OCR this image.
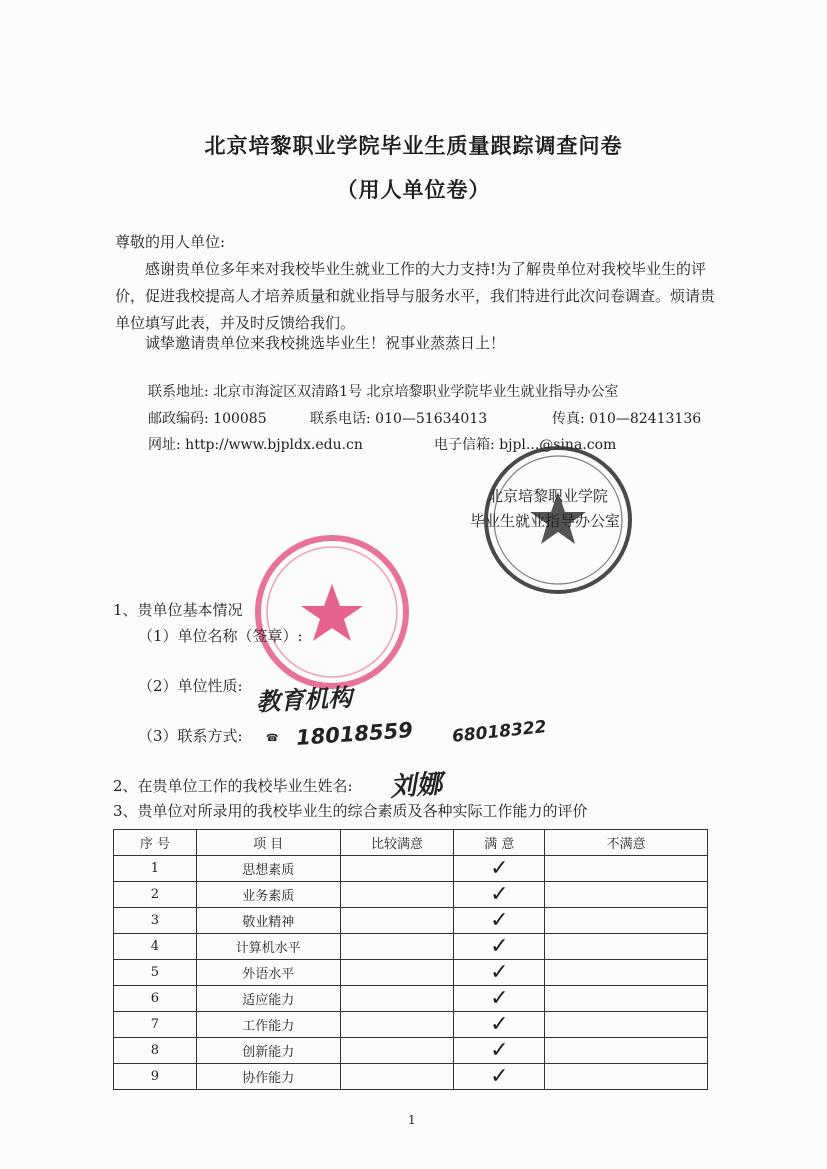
北京培黎职业学院毕业生质量跟踪调查问卷
（用人单位卷）
尊敬的用人单位:
感谢贵单位多年来对我校毕业生就业工作的大力支持!为了解贵单位对我校毕业生的评价，促进我校提高人才培养质量和就业指导与服务水平，我们特进行此次问卷调查。烦请贵单位填写此表，并及时反馈给我们。
诚挚邀请贵单位来我校挑选毕业生！祝事业蒸蒸日上！
联系地址: 北京市海淀区双清路1号 北京培黎职业学院毕业生就业指导办公室
邮政编码: 100085	联系电话: 010—51634013	传真: 010—82413136
网址: http://www.bjpldx.edu.cn	电子信箱: bjpl...@sina.com
北京培黎职业学院
毕业生就业指导办公室
1、贵单位基本情况
（1）单位名称（签章）:
（2）单位性质: 教育机构
（3）联系方式: ☎ 18018559 68018322
2、在贵单位工作的我校毕业生姓名: 刘娜
3、贵单位对所录用的我校毕业生的综合素质及各种实际工作能力的评价
序 号	项 目	比较满意	满 意	不满意
1	思想素质		✓	
2	业务素质		✓	
3	敬业精神		✓	
4	计算机水平		✓	
5	外语水平		✓	
6	适应能力		✓	
7	工作能力		✓	
8	创新能力		✓	
9	协作能力		✓	
1
